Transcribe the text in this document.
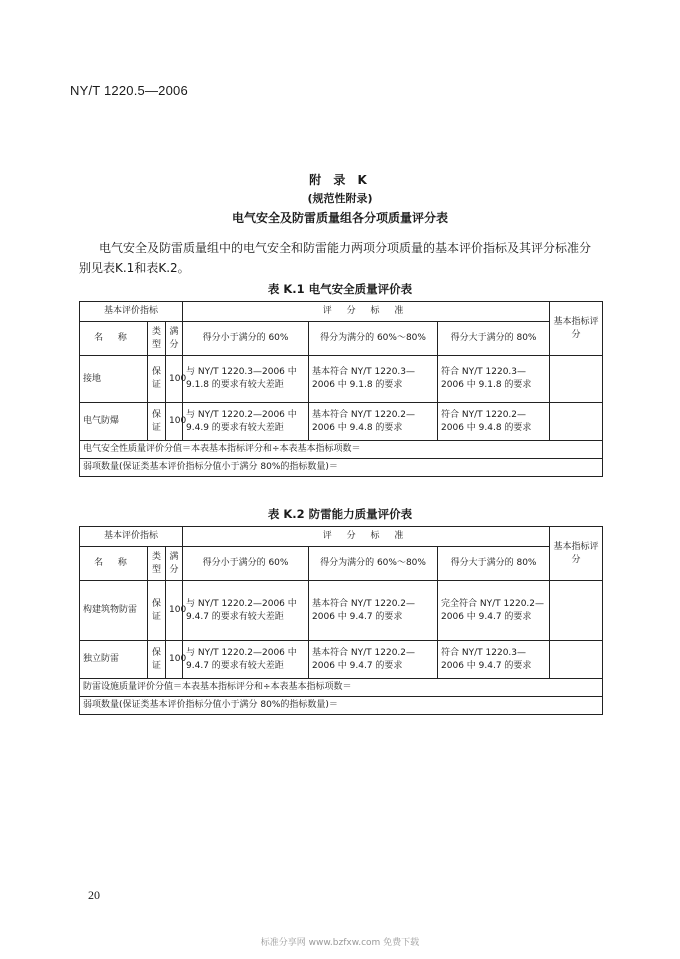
NY/T 1220.5—2006
附 录 K
(规范性附录)
电气安全及防雷质量组各分项质量评分表
电气安全及防雷质量组中的电气安全和防雷能力两项分项质量的基本评价指标及其评分标准分别见表K.1和表K.2。
表 K.1 电气安全质量评价表
基本评价指标			评 分 标 准			基本指标评分
名 称	类型	满分	得分小于满分的 60%	得分为满分的 60%～80%	得分大于满分的 80%	
接地	保证	100	与 NY/T 1220.3—2006 中 9.1.8 的要求有较大差距	基本符合 NY/T 1220.3—2006 中 9.1.8 的要求	符合 NY/T 1220.3—2006 中 9.1.8 的要求	
电气防爆	保证	100	与 NY/T 1220.2—2006 中 9.4.9 的要求有较大差距	基本符合 NY/T 1220.2—2006 中 9.4.8 的要求	符合 NY/T 1220.2—2006 中 9.4.8 的要求	
电气安全性质量评价分值＝本表基本指标评分和÷本表基本指标项数＝						
弱项数量(保证类基本评价指标分值小于满分 80%的指标数量)＝						
表 K.2 防雷能力质量评价表
基本评价指标			评 分 标 准			基本指标评分
名 称	类型	满分	得分小于满分的 60%	得分为满分的 60%～80%	得分大于满分的 80%	
构建筑物防雷	保证	100	与 NY/T 1220.2—2006 中 9.4.7 的要求有较大差距	基本符合 NY/T 1220.2—2006 中 9.4.7 的要求	完全符合 NY/T 1220.2—2006 中 9.4.7 的要求	
独立防雷	保证	100	与 NY/T 1220.2—2006 中 9.4.7 的要求有较大差距	基本符合 NY/T 1220.2—2006 中 9.4.7 的要求	符合 NY/T 1220.3—2006 中 9.4.7 的要求	
防雷设施质量评价分值＝本表基本指标评分和÷本表基本指标项数＝						
弱项数量(保证类基本评价指标分值小于满分 80%的指标数量)＝						
20
标准分享网 www.bzfxw.com 免费下载
